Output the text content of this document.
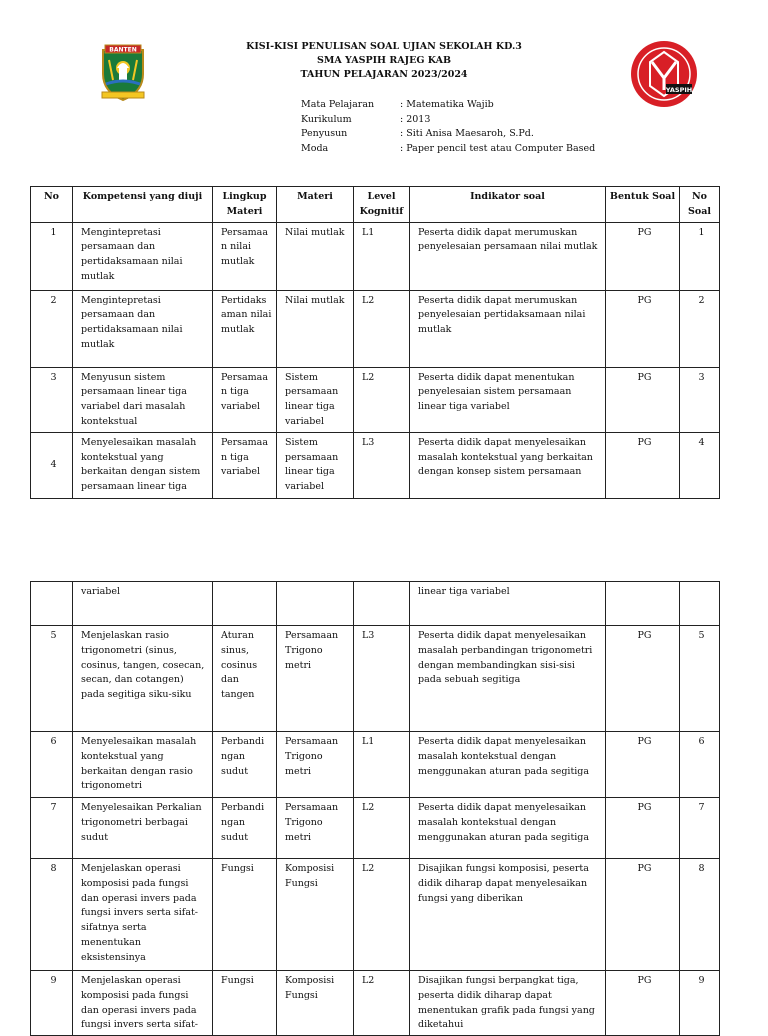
BANTEN
YASPIH
KISI-KISI PENULISAN SOAL UJIAN SEKOLAH KD.3
SMA YASPIH RAJEG KAB
TAHUN PELAJARAN 2023/2024
Mata Pelajaran	: Matematika Wajib
Kurikulum	: 2013
Penyusun	: Siti Anisa Maesaroh, S.Pd.
Moda	: Paper pencil test atau Computer Based
No	Kompetensi yang diuji	Lingkup Materi	Materi	Level Kognitif	Indikator soal	Bentuk Soal	No Soal
1	Mengintepretasi persamaan dan pertidaksamaan nilai mutlak	Persamaa n nilai mutlak	Nilai mutlak	L1	Peserta didik dapat merumuskan penyelesaian persamaan nilai mutlak	PG	1
2	Mengintepretasi persamaan dan pertidaksamaan nilai mutlak	Pertidaks aman nilai mutlak	Nilai mutlak	L2	Peserta didik dapat merumuskan penyelesaian pertidaksamaan nilai mutlak	PG	2
3	Menyusun sistem persamaan linear tiga variabel dari masalah kontekstual	Persamaa n tiga variabel	Sistem persamaan linear tiga variabel	L2	Peserta didik dapat menentukan penyelesaian sistem persamaan linear tiga variabel	PG	3
4	Menyelesaikan masalah kontekstual yang berkaitan dengan sistem persamaan linear tiga	Persamaa n tiga variabel	Sistem persamaan linear tiga variabel	L3	Peserta didik dapat menyelesaikan masalah kontekstual yang berkaitan dengan konsep sistem persamaan	PG	4
	variabel				linear tiga variabel		
5	Menjelaskan rasio trigonometri (sinus, cosinus, tangen, cosecan, secan, dan cotangen) pada segitiga siku-siku	Aturan sinus, cosinus dan tangen	Persamaan Trigono metri	L3	Peserta didik dapat menyelesaikan masalah perbandingan trigonometri dengan membandingkan sisi-sisi pada sebuah segitiga	PG	5
6	Menyelesaikan masalah kontekstual yang berkaitan dengan rasio trigonometri	Perbandi ngan sudut	Persamaan Trigono metri	L1	Peserta didik dapat menyelesaikan masalah kontekstual dengan menggunakan aturan pada segitiga	PG	6
7	Menyelesaikan Perkalian trigonometri berbagai sudut	Perbandi ngan sudut	Persamaan Trigono metri	L2	Peserta didik dapat menyelesaikan masalah kontekstual dengan menggunakan aturan pada segitiga	PG	7
8	Menjelaskan operasi komposisi pada fungsi dan operasi invers pada fungsi invers serta sifat-sifatnya serta menentukan eksistensinya	Fungsi	Komposisi Fungsi	L2	Disajikan fungsi komposisi, peserta didik diharap dapat menyelesaikan fungsi yang diberikan	PG	8
9	Menjelaskan operasi komposisi pada fungsi dan operasi invers pada fungsi invers serta sifat-	Fungsi	Komposisi Fungsi	L2	Disajikan fungsi berpangkat tiga, peserta didik diharap dapat menentukan grafik pada fungsi yang diketahui	PG	9
